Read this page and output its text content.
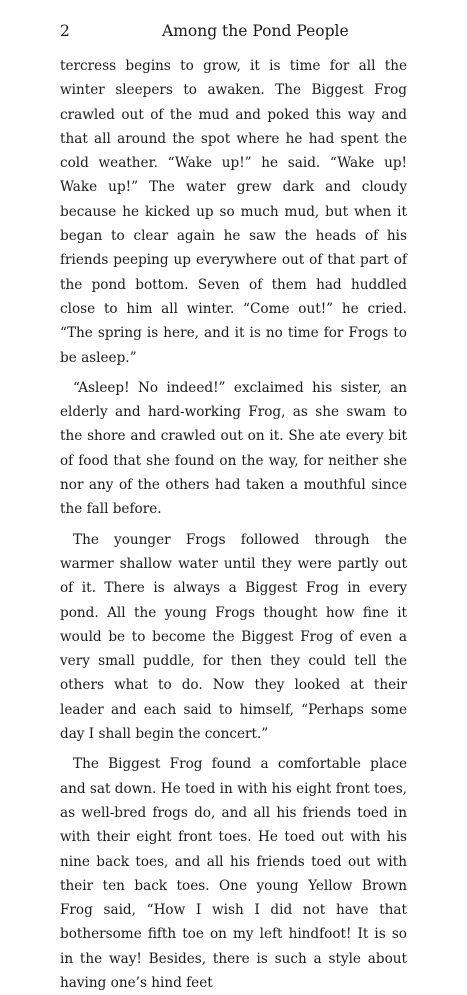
2	Among the Pond People

tercress begins to grow, it is time for all the winter sleepers to awaken. The Biggest Frog crawled out of the mud and poked this way and that all around the spot where he had spent the cold weather. “Wake up!” he said. “Wake up! Wake up!” The water grew dark and cloudy because he kicked up so much mud, but when it began to clear again he saw the heads of his friends peeping up everywhere out of that part of the pond bottom. Seven of them had huddled close to him all winter. “Come out!” he cried. “The spring is here, and it is no time for Frogs to be asleep.”

“Asleep! No indeed!” exclaimed his sister, an elderly and hard-working Frog, as she swam to the shore and crawled out on it. She ate every bit of food that she found on the way, for neither she nor any of the others had taken a mouthful since the fall before.

The younger Frogs followed through the warmer shallow water until they were partly out of it. There is always a Biggest Frog in every pond. All the young Frogs thought how fine it would be to become the Biggest Frog of even a very small puddle, for then they could tell the others what to do. Now they looked at their leader and each said to himself, “Perhaps some day I shall begin the concert.”

The Biggest Frog found a comfortable place and sat down. He toed in with his eight front toes, as well-bred frogs do, and all his friends toed in with their eight front toes. He toed out with his nine back toes, and all his friends toed out with their ten back toes. One young Yellow Brown Frog said, “How I wish I did not have that bothersome fifth toe on my left hindfoot! It is so in the way! Besides, there is such a style about having one’s hind feet
